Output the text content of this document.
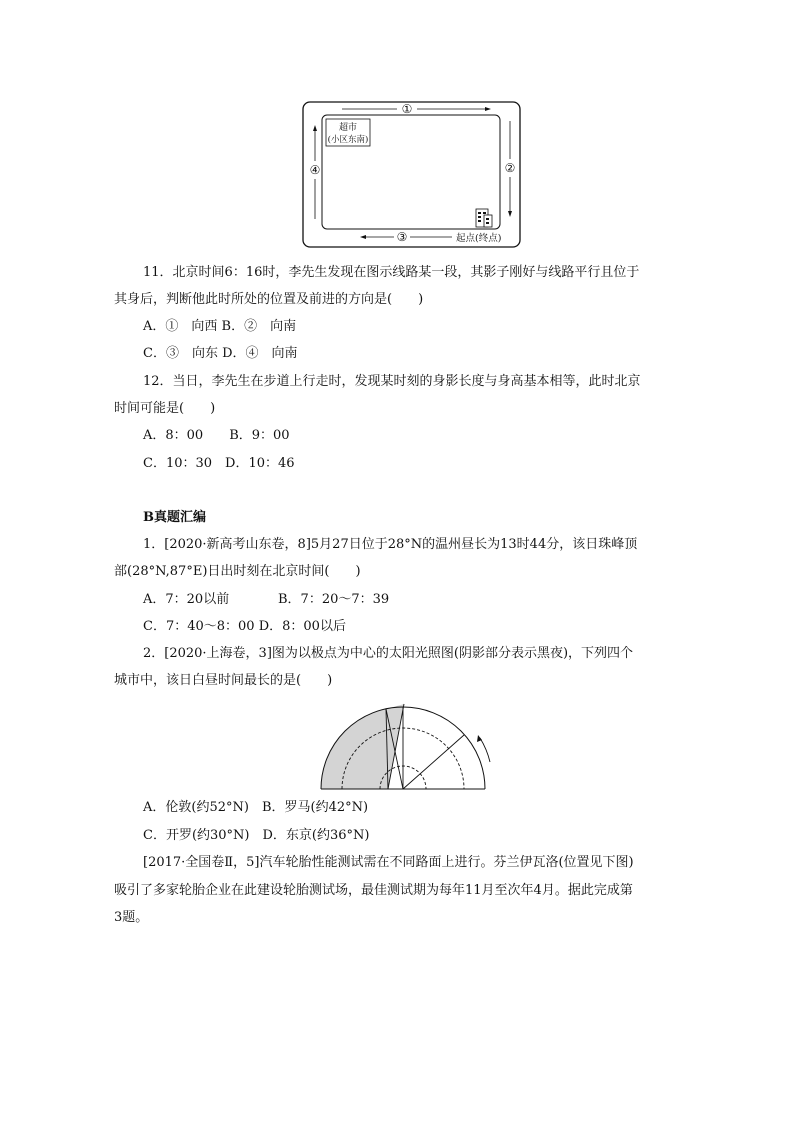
①
②
③	起点(终点)
④
超市
(小区东南)
11．北京时间6：16时，李先生发现在图示线路某一段，其影子刚好与线路平行且位于
其身后，判断他此时所处的位置及前进的方向是(　　)
A．①　向西 B．②　向南
C．③　向东 D．④　向南
12．当日，李先生在步道上行走时，发现某时刻的身影长度与身高基本相等，此时北京
时间可能是(　　)
A．8：00　　B．9：00
C．10：30　D．10：46
B真题汇编
1．[2020·新高考山东卷，8]5月27日位于28°N的温州昼长为13时44分，该日珠峰顶
部(28°N,87°E)日出时刻在北京时间(　　)
A．7：20以前	B．7：20～7：39
C．7：40～8：00 D．8：00以后
2．[2020·上海卷，3]图为以极点为中心的太阳光照图(阴影部分表示黑夜)，下列四个
城市中，该日白昼时间最长的是(　　)
A．伦敦(约52°N)　B．罗马(约42°N)
C．开罗(约30°N)　D．东京(约36°N)
[2017·全国卷Ⅱ，5]汽车轮胎性能测试需在不同路面上进行。芬兰伊瓦洛(位置见下图)
吸引了多家轮胎企业在此建设轮胎测试场，最佳测试期为每年11月至次年4月。据此完成第
3题。
